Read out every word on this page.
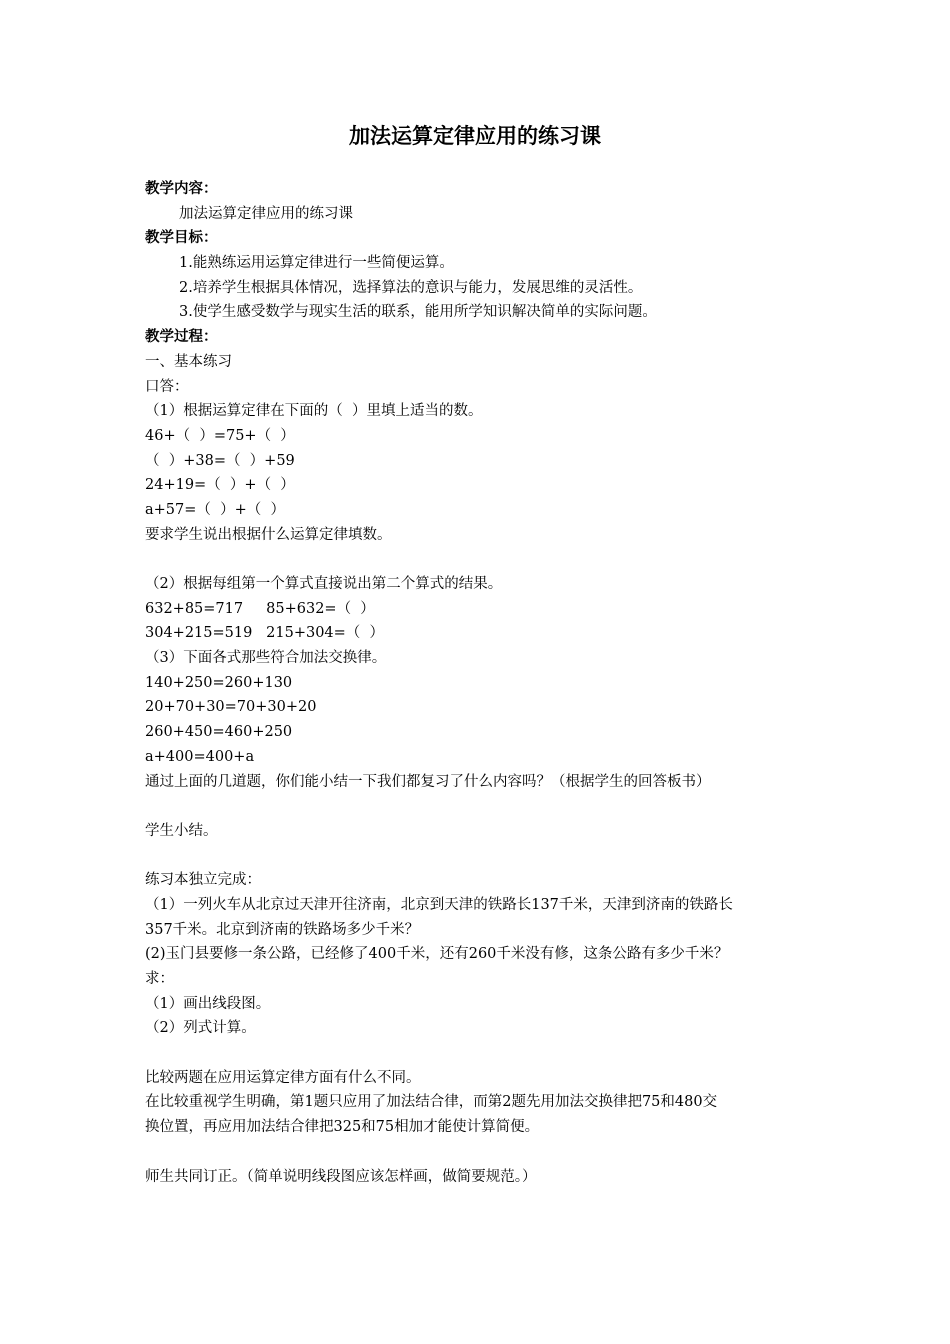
加法运算定律应用的练习课
教学内容：
加法运算定律应用的练习课
教学目标：
1.能熟练运用运算定律进行一些简便运算。
2.培养学生根据具体情况，选择算法的意识与能力，发展思维的灵活性。
3.使学生感受数学与现实生活的联系，能用所学知识解决简单的实际问题。
教学过程：
一、基本练习
口答：
（1）根据运算定律在下面的（  ）里填上适当的数。
46+（  ）=75+（  ）
（  ）+38=（  ）+59
24+19=（  ）+（  ）
a+57=（  ）+（  ）
要求学生说出根据什么运算定律填数。
（2）根据每组第一个算式直接说出第二个算式的结果。
632+85=717     85+632=（  ）
304+215=519   215+304=（  ）
（3）下面各式那些符合加法交换律。
140+250=260+130
20+70+30=70+30+20
260+450=460+250
a+400=400+a
通过上面的几道题，你们能小结一下我们都复习了什么内容吗？（根据学生的回答板书）
学生小结。
练习本独立完成：
（1）一列火车从北京过天津开往济南，北京到天津的铁路长137千米，天津到济南的铁路长
357千米。北京到济南的铁路场多少千米？
(2)玉门县要修一条公路，已经修了400千米，还有260千米没有修，这条公路有多少千米？
求：
（1）画出线段图。
（2）列式计算。
比较两题在应用运算定律方面有什么不同。
在比较重视学生明确，第1题只应用了加法结合律，而第2题先用加法交换律把75和480交
换位置，再应用加法结合律把325和75相加才能使计算简便。
师生共同订正。（简单说明线段图应该怎样画，做简要规范。）
